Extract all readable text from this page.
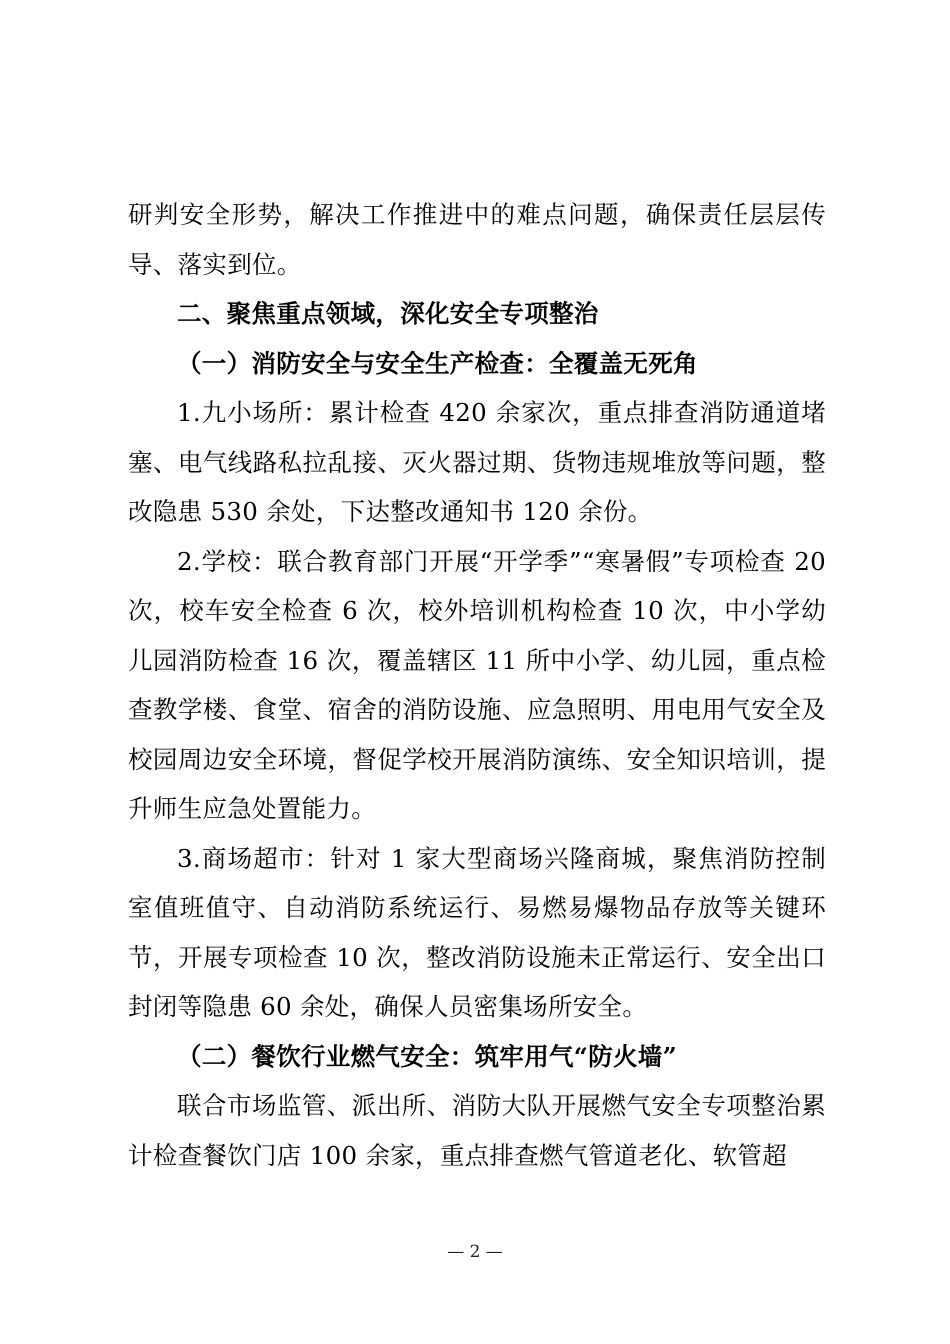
研判安全形势，解决工作推进中的难点问题，确保责任层层传导、落实到位。

二、聚焦重点领域，深化安全专项整治

（一）消防安全与安全生产检查：全覆盖无死角

1.九小场所：累计检查 420 余家次，重点排查消防通道堵塞、电气线路私拉乱接、灭火器过期、货物违规堆放等问题，整改隐患 530 余处，下达整改通知书 120 余份。

2.学校：联合教育部门开展“开学季”“寒暑假”专项检查 20 次，校车安全检查 6 次，校外培训机构检查 10 次，中小学幼儿园消防检查 16 次，覆盖辖区 11 所中小学、幼儿园，重点检查教学楼、食堂、宿舍的消防设施、应急照明、用电用气安全及校园周边安全环境，督促学校开展消防演练、安全知识培训，提升师生应急处置能力。

3.商场超市：针对 1 家大型商场兴隆商城，聚焦消防控制室值班值守、自动消防系统运行、易燃易爆物品存放等关键环节，开展专项检查 10 次，整改消防设施未正常运行、安全出口封闭等隐患 60 余处，确保人员密集场所安全。

（二）餐饮行业燃气安全：筑牢用气“防火墙”

联合市场监管、派出所、消防大队开展燃气安全专项整治累计检查餐饮门店 100 余家，重点排查燃气管道老化、软管超

— 2 —
